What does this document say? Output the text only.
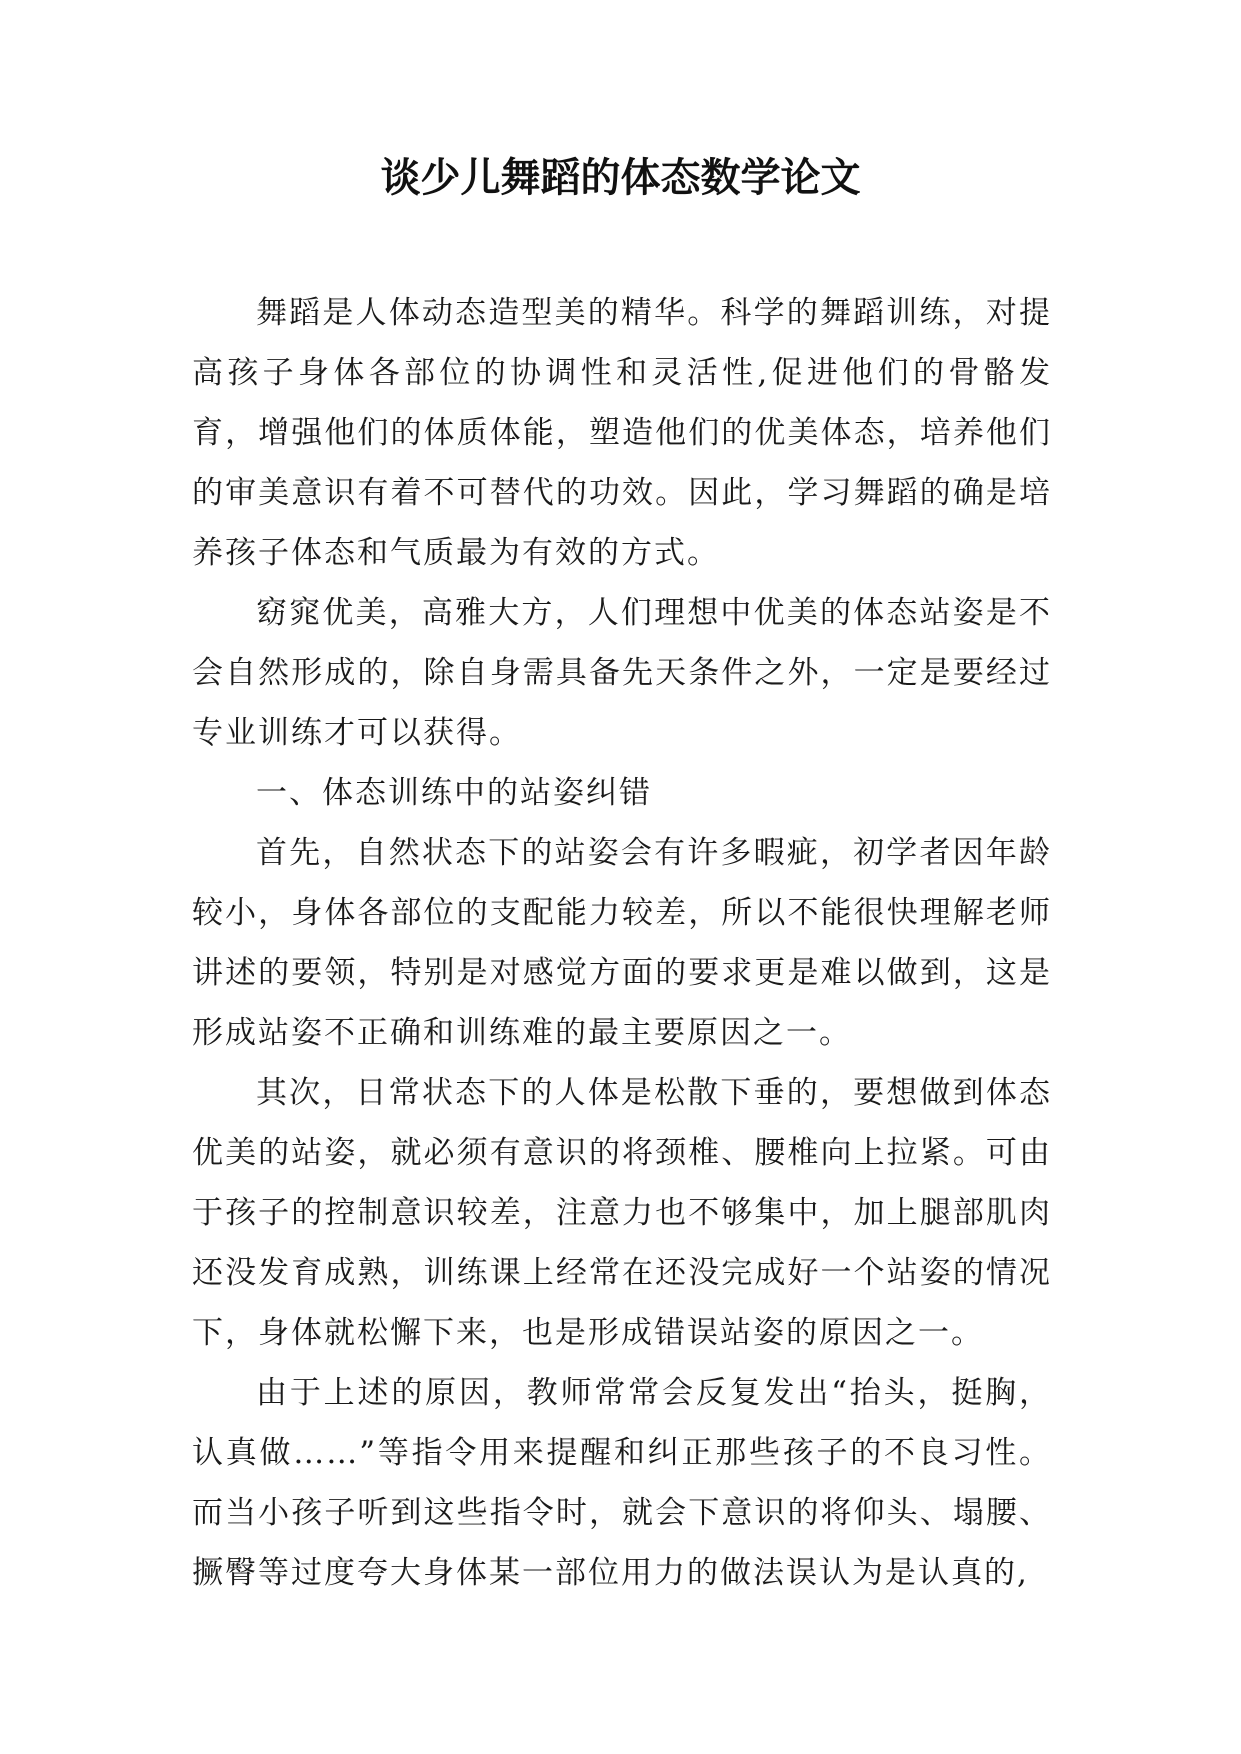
谈少儿舞蹈的体态数学论文

舞蹈是人体动态造型美的精华。科学的舞蹈训练，对提高孩子身体各部位的协调性和灵活性,促进他们的骨骼发育，增强他们的体质体能，塑造他们的优美体态，培养他们的审美意识有着不可替代的功效。因此，学习舞蹈的确是培养孩子体态和气质最为有效的方式。

窈窕优美，高雅大方，人们理想中优美的体态站姿是不会自然形成的，除自身需具备先天条件之外，一定是要经过专业训练才可以获得。

一、体态训练中的站姿纠错

首先，自然状态下的站姿会有许多暇疵，初学者因年龄较小，身体各部位的支配能力较差，所以不能很快理解老师讲述的要领，特别是对感觉方面的要求更是难以做到，这是形成站姿不正确和训练难的最主要原因之一。

其次，日常状态下的人体是松散下垂的，要想做到体态优美的站姿，就必须有意识的将颈椎、腰椎向上拉紧。可由于孩子的控制意识较差，注意力也不够集中，加上腿部肌肉还没发育成熟，训练课上经常在还没完成好一个站姿的情况下，身体就松懈下来，也是形成错误站姿的原因之一。

由于上述的原因，教师常常会反复发出“抬头，挺胸，认真做……”等指令用来提醒和纠正那些孩子的不良习性。而当小孩子听到这些指令时，就会下意识的将仰头、塌腰、撅臀等过度夸大身体某一部位用力的做法误认为是认真的,
